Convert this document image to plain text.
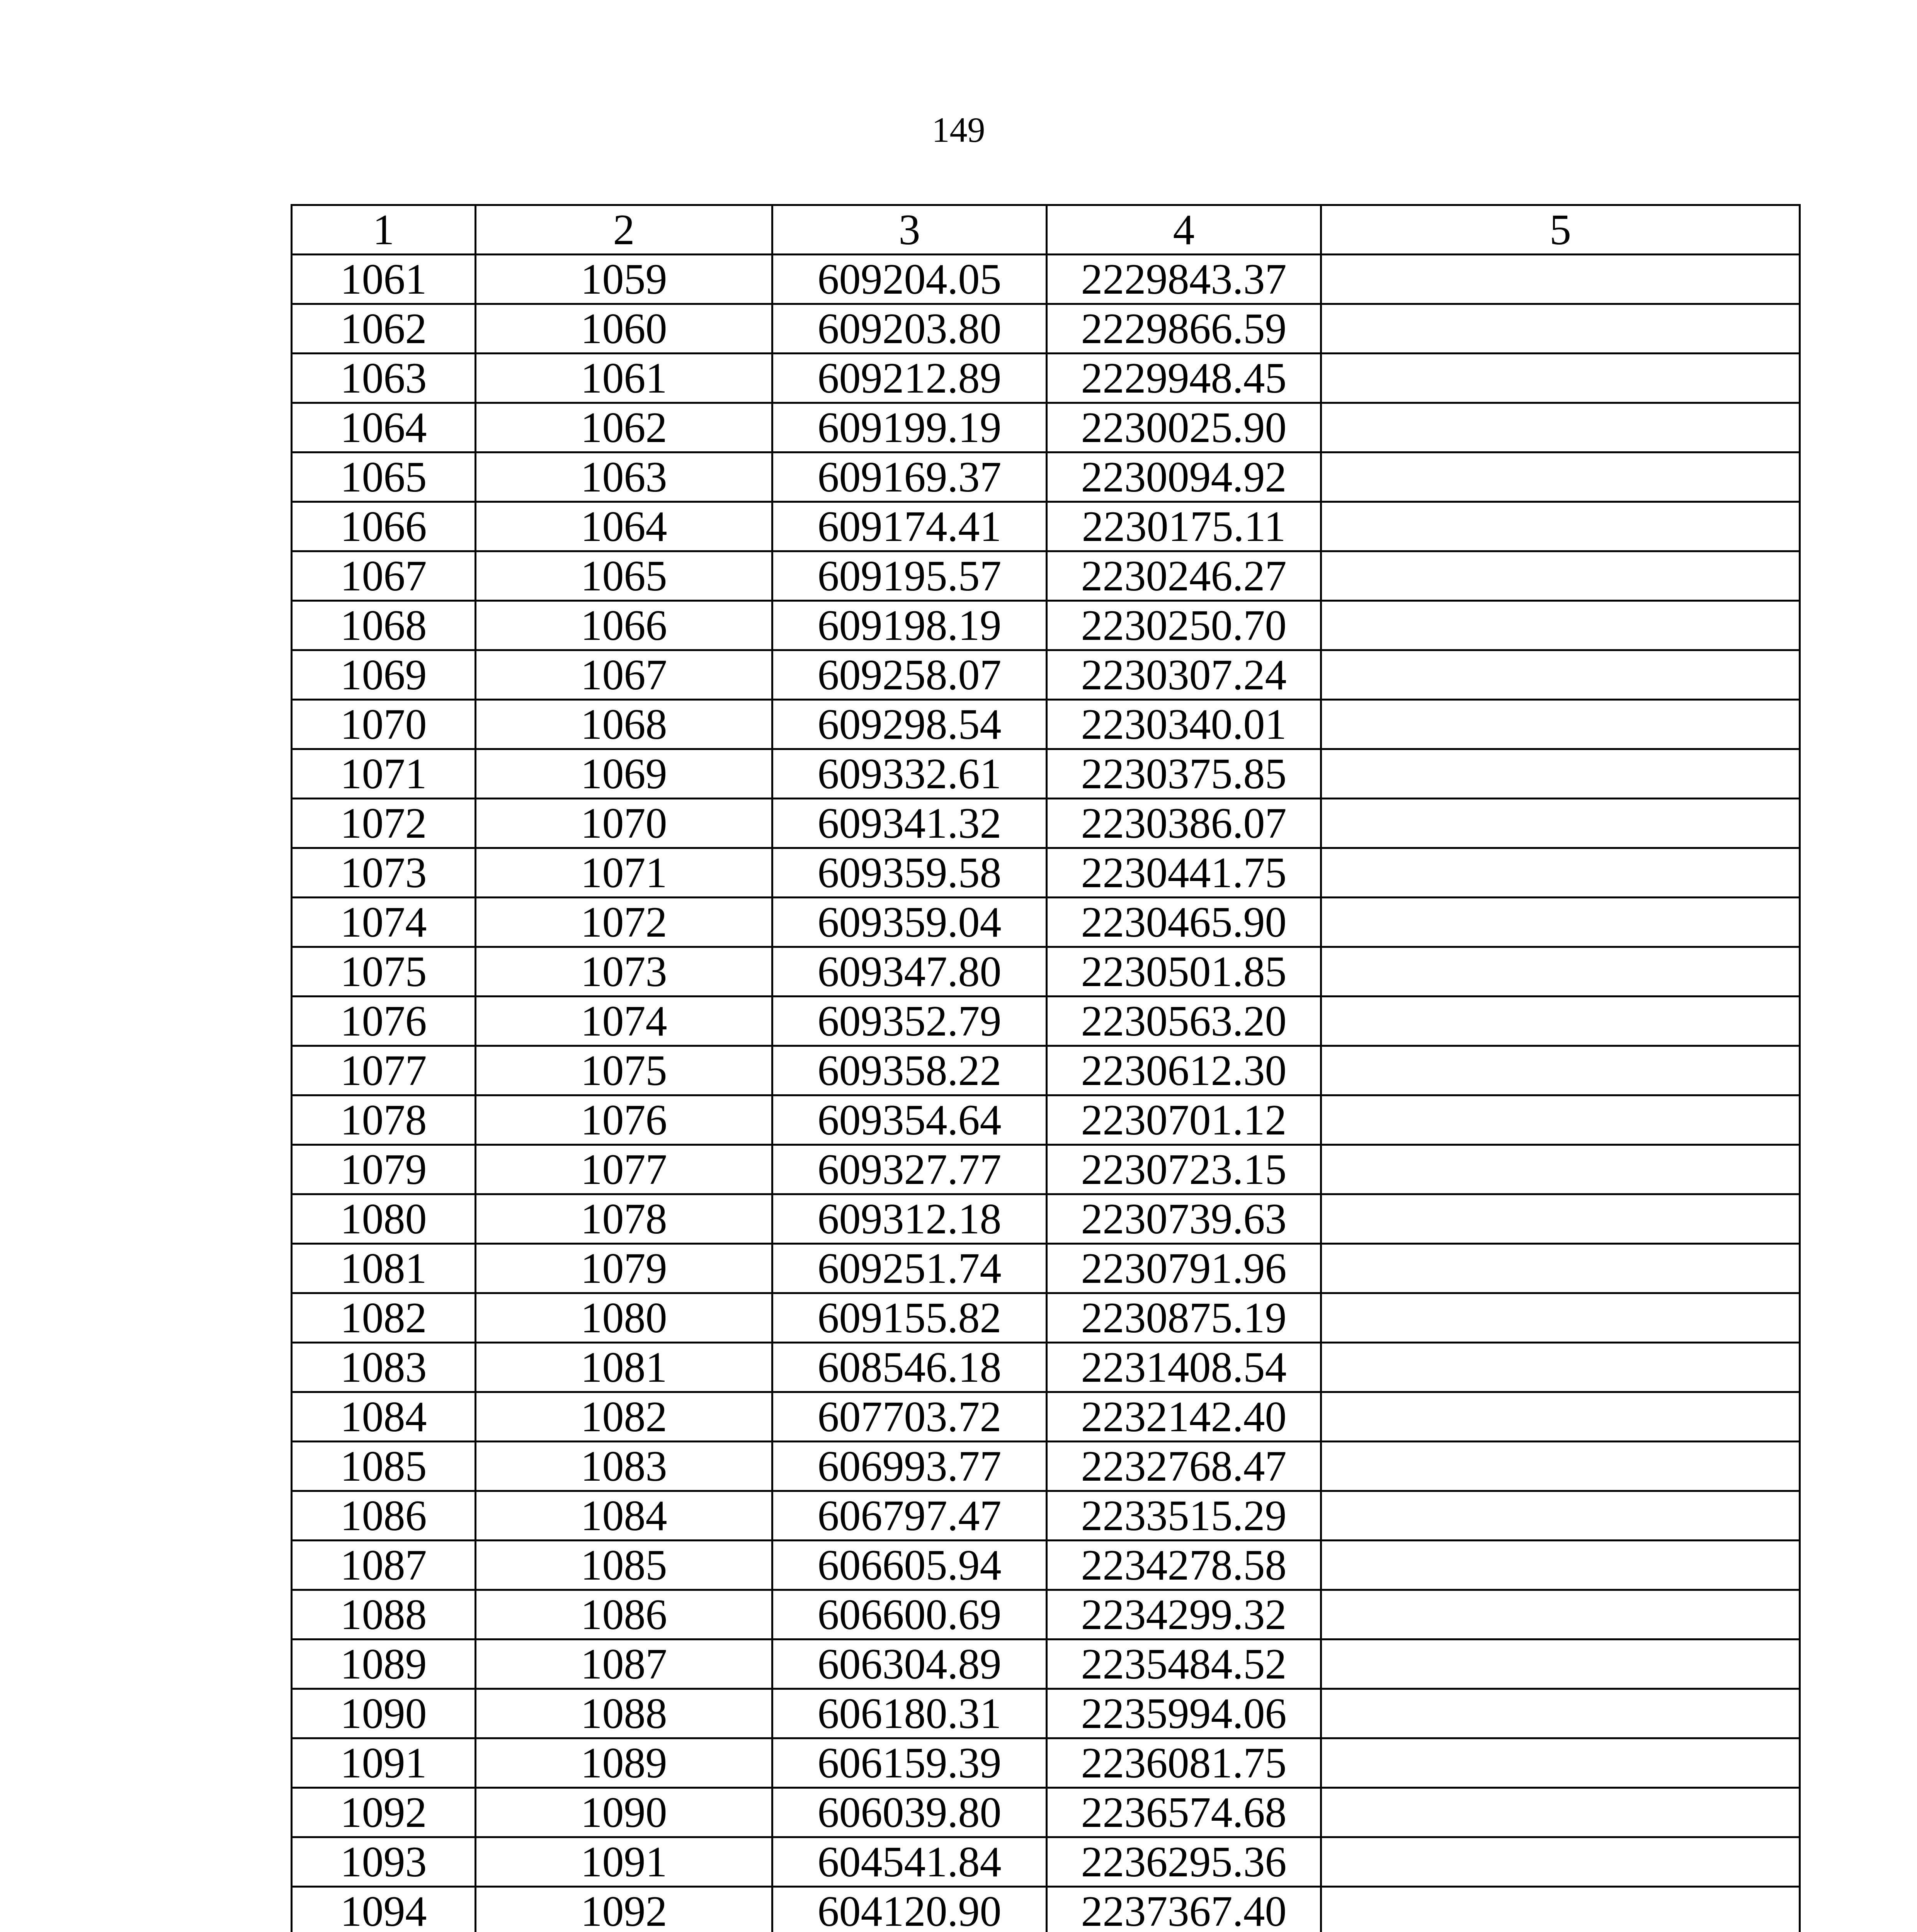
149
1	2	3	4	5
1061	1059	609204.05	2229843.37	
1062	1060	609203.80	2229866.59	
1063	1061	609212.89	2229948.45	
1064	1062	609199.19	2230025.90	
1065	1063	609169.37	2230094.92	
1066	1064	609174.41	2230175.11	
1067	1065	609195.57	2230246.27	
1068	1066	609198.19	2230250.70	
1069	1067	609258.07	2230307.24	
1070	1068	609298.54	2230340.01	
1071	1069	609332.61	2230375.85	
1072	1070	609341.32	2230386.07	
1073	1071	609359.58	2230441.75	
1074	1072	609359.04	2230465.90	
1075	1073	609347.80	2230501.85	
1076	1074	609352.79	2230563.20	
1077	1075	609358.22	2230612.30	
1078	1076	609354.64	2230701.12	
1079	1077	609327.77	2230723.15	
1080	1078	609312.18	2230739.63	
1081	1079	609251.74	2230791.96	
1082	1080	609155.82	2230875.19	
1083	1081	608546.18	2231408.54	
1084	1082	607703.72	2232142.40	
1085	1083	606993.77	2232768.47	
1086	1084	606797.47	2233515.29	
1087	1085	606605.94	2234278.58	
1088	1086	606600.69	2234299.32	
1089	1087	606304.89	2235484.52	
1090	1088	606180.31	2235994.06	
1091	1089	606159.39	2236081.75	
1092	1090	606039.80	2236574.68	
1093	1091	604541.84	2236295.36	
1094	1092	604120.90	2237367.40	
